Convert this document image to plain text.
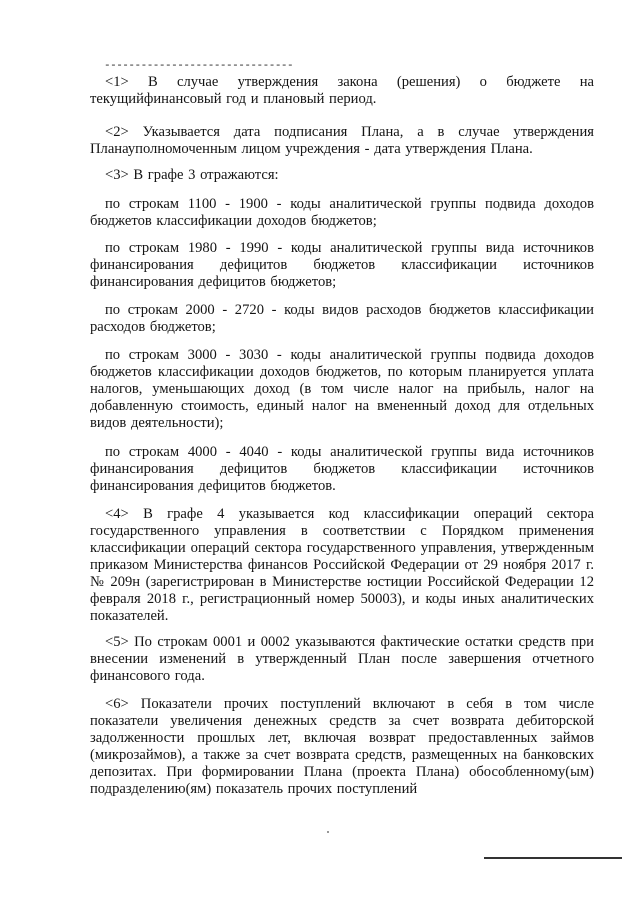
-------------------------------

<1> В случае утверждения закона (решения) о бюджете на текущийфинансовый год и плановый период.

<2> Указывается дата подписания Плана, а в случае утверждения Планауполномоченным лицом учреждения - дата утверждения Плана.

<3> В графе 3 отражаются:

по строкам 1100 - 1900 - коды аналитической группы подвида доходов бюджетов классификации доходов бюджетов;

по строкам 1980 - 1990 - коды аналитической группы вида источников финансирования дефицитов бюджетов классификации источников финансирования дефицитов бюджетов;

по строкам 2000 - 2720 - коды видов расходов бюджетов классификации расходов бюджетов;

по строкам 3000 - 3030 - коды аналитической группы подвида доходов бюджетов классификации доходов бюджетов, по которым планируется уплата налогов, уменьшающих доход (в том числе налог на прибыль, налог на добавленную стоимость, единый налог на вмененный доход для отдельных видов деятельности);

по строкам 4000 - 4040 - коды аналитической группы вида источников финансирования дефицитов бюджетов классификации источников финансирования дефицитов бюджетов.

<4> В графе 4 указывается код классификации операций сектора государственного управления в соответствии с Порядком применения классификации операций сектора государственного управления, утвержденным приказом Министерства финансов Российской Федерации от 29 ноября 2017 г. № 209н (зарегистрирован в Министерстве юстиции Российской Федерации 12 февраля 2018 г., регистрационный номер 50003), и коды иных аналитических показателей.

<5> По строкам 0001 и 0002 указываются фактические остатки средств при внесении изменений в утвержденный План после завершения отчетного финансового года.

<6> Показатели прочих поступлений включают в себя в том числе показатели увеличения денежных средств за счет возврата дебиторской задолженности прошлых лет, включая возврат предоставленных займов (микрозаймов), а также за счет возврата средств, размещенных на банковских депозитах. При формировании Плана (проекта Плана) обособленному(ым) подразделению(ям) показатель прочих поступлений
